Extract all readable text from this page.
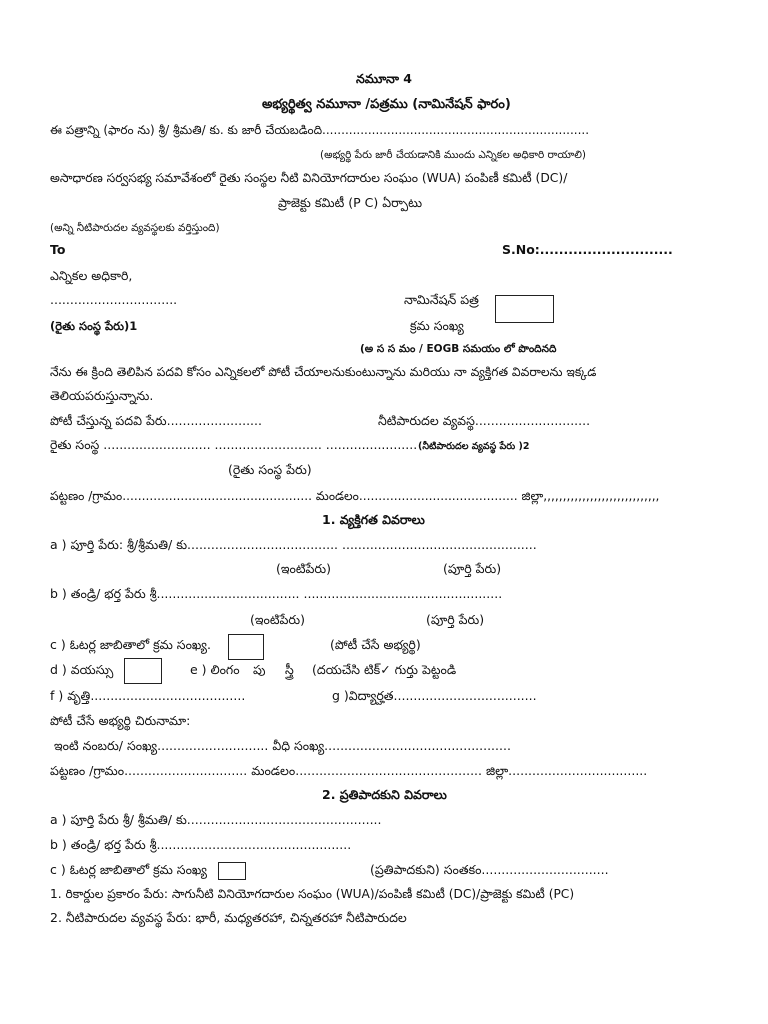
నమూనా 4
అభ్యర్థిత్వ నమూనా /పత్రము (నామినేషన్ ఫారం)
ఈ పత్రాన్ని (ఫారం ను) శ్రీ/ శ్రీమతి/ కు. కు జారీ చేయబడింది......................................................................
(అభ్యర్థి పేరు జారీ చేయడానికి ముందు ఎన్నికల అధికారి రాయాలి)
అసాధారణ సర్వసభ్య సమావేశంలో రైతు సంస్థల నీటి వినియోగదారుల సంఘం (WUA) పంపిణీ కమిటీ (DC)/
ప్రాజెక్టు కమిటీ (P C) ఏర్పాటు
(అన్ని నీటిపారుదల వ్యవస్థలకు వర్తిస్తుంది)
To	S.No:............................
ఎన్నికల అధికారి,
................................	నామినేషన్ పత్ర
(రైతు సంస్థ పేరు)1	క్రమ సంఖ్య
(అ స స మం / EOGB సమయం లో పొందినది
నేను ఈ క్రింది తెలిపిన పదవి కోసం ఎన్నికలలో పోటీ చేయాలనుకుంటున్నాను మరియు నా వ్యక్తిగత వివరాలను ఇక్కడ
తెలియపరుస్తున్నాను.
పోటీ చేస్తున్న పదవి పేరు........................	నీటిపారుదల వ్యవస్థ.............................
రైతు సంస్థ ........................... ........................... ....................... (నీటిపారుదల వ్యవస్థ పేరు )2
(రైతు సంస్థ పేరు)
పట్టణం /గ్రామం................................................. మండలం......................................... జిల్లా,,,,,,,,,,,,,,,,,,,,,,,,,,,,,,
1. వ్యక్తిగత వివరాలు
a ) పూర్తి పేరు: శ్రీ/శ్రీమతి/ కు...................................... .................................................
(ఇంటిపేరు)	(పూర్తి పేరు)
b ) తండ్రి/ భర్త పేరు శ్రీ.................................... ..................................................
(ఇంటిపేరు)	(పూర్తి పేరు)
c ) ఓటర్ల జాబితాలో క్రమ సంఖ్య.	(పోటీ చేసే అభ్యర్థి)
d ) వయస్సు	e ) లింగం పు స్త్రీ (దయచేసి టిక్✓ గుర్తు పెట్టండి
f ) వృత్తి.......................................	g )విద్యార్హత....................................
పోటీ చేసే అభ్యర్థి చిరునామా:
ఇంటి నంబరు/ సంఖ్య............................ వీధి సంఖ్య...............................................
పట్టణం /గ్రామం............................... మండలం............................................... జిల్లా...................................
2. ప్రతిపాదకుని వివరాలు
a ) పూర్తి పేరు శ్రీ/ శ్రీమతి/ కు.................................................
b ) తండ్రి/ భర్త పేరు శ్రీ.................................................
c ) ఓటర్ల జాబితాలో క్రమ సంఖ్య	(ప్రతిపాదకుని) సంతకం................................
1. రికార్డుల ప్రకారం పేరు: సాగునీటి వినియోగదారుల సంఘం (WUA)/పంపిణీ కమిటీ (DC)/ప్రాజెక్టు కమిటీ (PC)
2. నీటిపారుదల వ్యవస్థ పేరు: భారీ, మధ్యతరహా, చిన్నతరహా నీటిపారుదల
